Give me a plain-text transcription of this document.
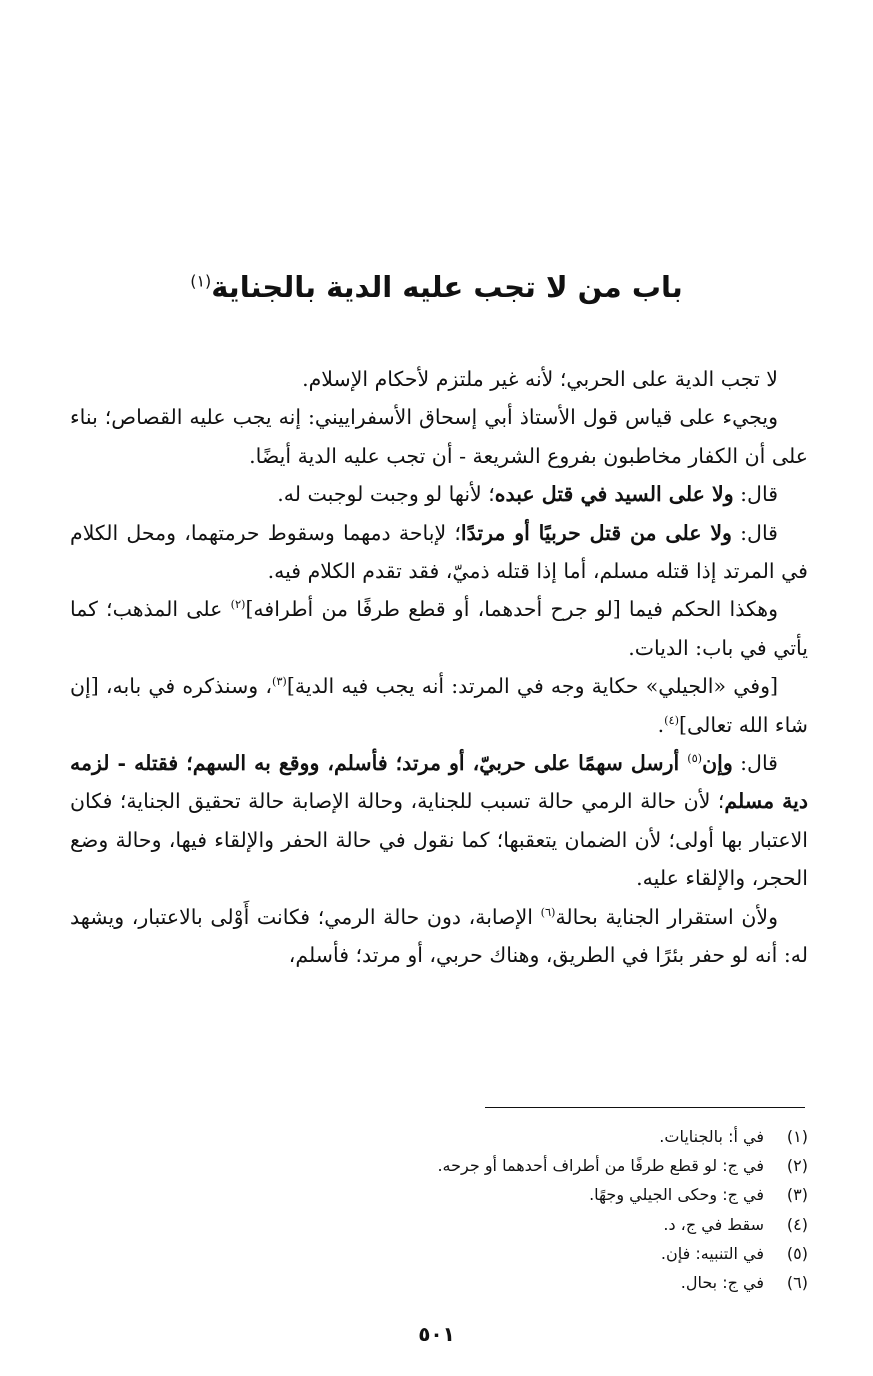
باب من لا تجب عليه الدية بالجناية$^{(١)}$

لا تجب الدية على الحربي؛ لأنه غير ملتزم لأحكام الإسلام.

ويجيء على قياس قول الأستاذ أبي إسحاق الأسفراييني: إنه يجب عليه القصاص؛ بناء على أن الكفار مخاطبون بفروع الشريعة - أن تجب عليه الدية أيضًا.

قال: ولا على السيد في قتل عبده؛ لأنها لو وجبت لوجبت له.

قال: ولا على من قتل حربيًا أو مرتدًا؛ لإباحة دمهما وسقوط حرمتهما، ومحل الكلام في المرتد إذا قتله مسلم، أما إذا قتله ذميّ، فقد تقدم الكلام فيه.

وهكذا الحكم فيما [لو جرح أحدهما، أو قطع طرفًا من أطرافه]$^{(٢)}$ على المذهب؛ كما يأتي في باب: الديات.

[وفي «الجيلي» حكاية وجه في المرتد: أنه يجب فيه الدية]$^{(٣)}$، وسنذكره في بابه، [إن شاء الله تعالى]$^{(٤)}$.

قال: وإن$^{(٥)}$ أرسل سهمًا على حربيّ، أو مرتد؛ فأسلم، ووقع به السهم؛ فقتله - لزمه دية مسلم؛ لأن حالة الرمي حالة تسبب للجناية، وحالة الإصابة حالة تحقيق الجناية؛ فكان الاعتبار بها أولى؛ لأن الضمان يتعقبها؛ كما نقول في حالة الحفر والإلقاء فيها، وحالة وضع الحجر، والإلقاء عليه.

ولأن استقرار الجناية بحالة$^{(٦)}$ الإصابة، دون حالة الرمي؛ فكانت أَوْلى بالاعتبار، ويشهد له: أنه لو حفر بئرًا في الطريق، وهناك حربي، أو مرتد؛ فأسلم،

(١)
في أ: بالجنايات.
(٢)
في ج: لو قطع طرفًا من أطراف أحدهما أو جرحه.
(٣)
في ج: وحكى الجيلي وجهًا.
(٤)
سقط في ج، د.
(٥)
في التنبيه: فإن.
(٦)
في ج: بحال.
٥٠١
